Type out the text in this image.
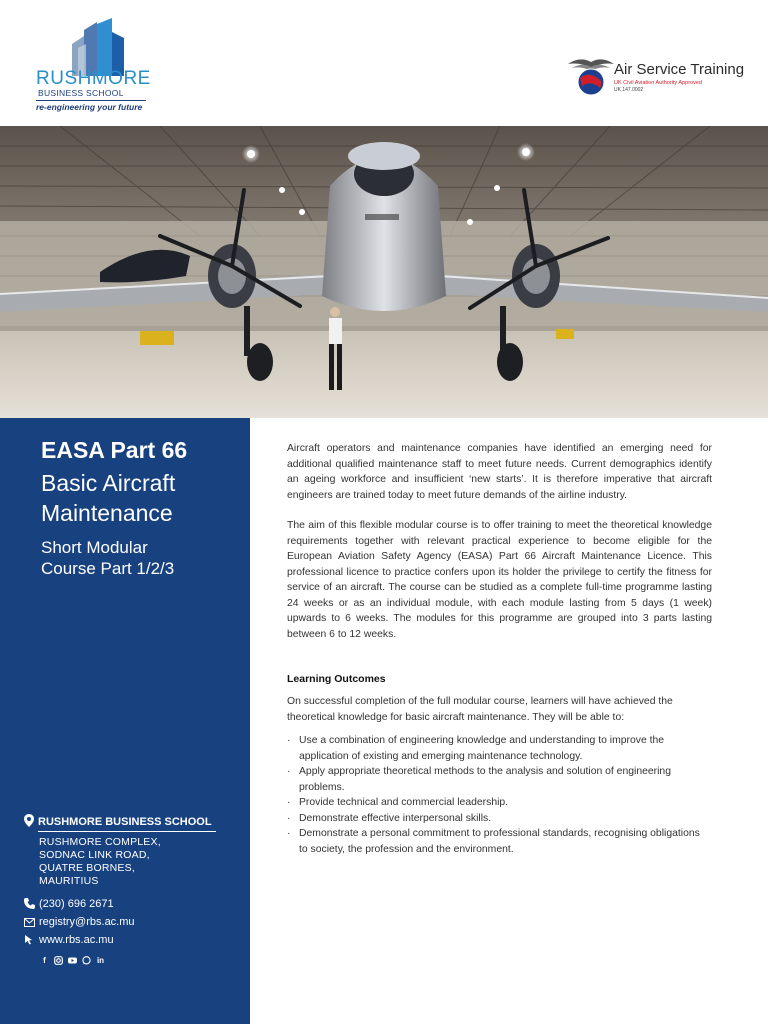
RUSHMORE
BUSINESS SCHOOL
re-engineering your future
Air Service Training
UK Civil Aviation Authority Approved
UK 147.0002
EASA Part 66
Basic Aircraft
Maintenance
Short Modular
Course Part 1/2/3
RUSHMORE BUSINESS SCHOOL
RUSHMORE COMPLEX,
SODNAC LINK ROAD,
QUATRE BORNES,
MAURITIUS
(230) 696 2671
registry@rbs.ac.mu
www.rbs.ac.mu
f	in

Aircraft operators and maintenance companies have identified an emerging need for additional qualified maintenance staff to meet future needs. Current demographics identify an ageing workforce and insufficient ‘new starts’. It is therefore imperative that aircraft engineers are trained today to meet future demands of the airline industry.

The aim of this flexible modular course is to offer training to meet the theoretical knowledge requirements together with relevant practical experience to become eligible for the European Aviation Safety Agency (EASA) Part 66 Aircraft Maintenance Licence. This professional licence to practice confers upon its holder the privilege to certify the fitness for service of an aircraft. The course can be studied as a complete full-time programme lasting 24 weeks or as an individual module, with each module lasting from 5 days (1 week) upwards to 6 weeks. The modules for this programme are grouped into 3 parts lasting between 6 to 12 weeks.

Learning Outcomes
On successful completion of the full modular course, learners will have achieved the theoretical knowledge for basic aircraft maintenance. They will be able to:
· Use a combination of engineering knowledge and understanding to improve the application of existing and emerging maintenance technology.
· Apply appropriate theoretical methods to the analysis and solution of engineering problems.
· Provide technical and commercial leadership.
· Demonstrate effective interpersonal skills.
· Demonstrate a personal commitment to professional standards, recognising obligations to society, the profession and the environment.
